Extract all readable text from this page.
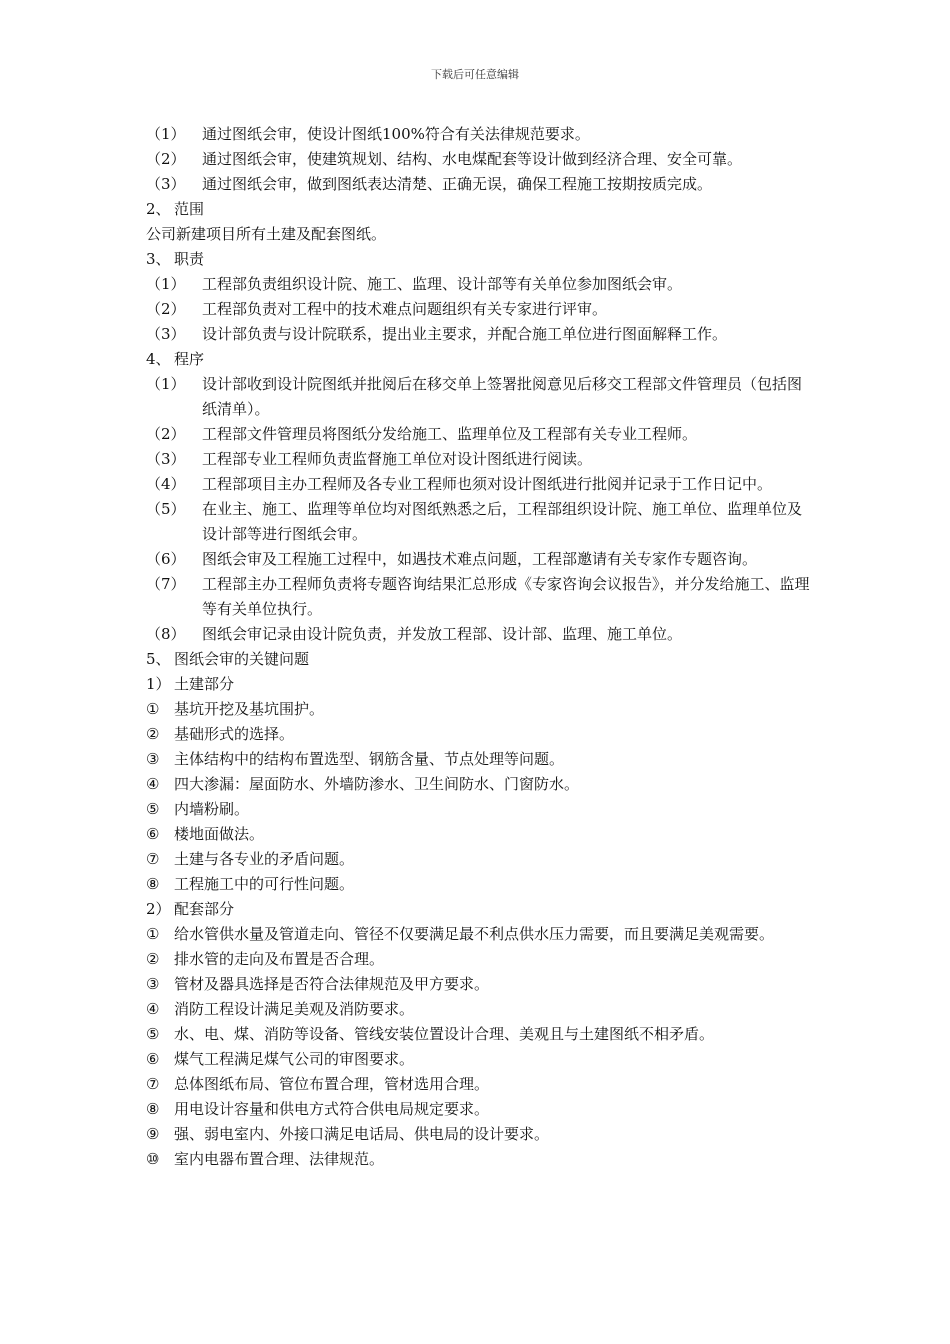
下载后可任意编辑
（1） 通过图纸会审，使设计图纸100%符合有关法律规范要求。
（2） 通过图纸会审，使建筑规划、结构、水电煤配套等设计做到经济合理、安全可靠。
（3） 通过图纸会审，做到图纸表达清楚、正确无误，确保工程施工按期按质完成。
2、 范围
公司新建项目所有土建及配套图纸。
3、 职责
（1） 工程部负责组织设计院、施工、监理、设计部等有关单位参加图纸会审。
（2） 工程部负责对工程中的技术难点问题组织有关专家进行评审。
（3） 设计部负责与设计院联系，提出业主要求，并配合施工单位进行图面解释工作。
4、 程序
（1） 设计部收到设计院图纸并批阅后在移交单上签署批阅意见后移交工程部文件管理员（包括图纸清单）。
（2） 工程部文件管理员将图纸分发给施工、监理单位及工程部有关专业工程师。
（3） 工程部专业工程师负责监督施工单位对设计图纸进行阅读。
（4） 工程部项目主办工程师及各专业工程师也须对设计图纸进行批阅并记录于工作日记中。
（5） 在业主、施工、监理等单位均对图纸熟悉之后，工程部组织设计院、施工单位、监理单位及设计部等进行图纸会审。
（6） 图纸会审及工程施工过程中，如遇技术难点问题，工程部邀请有关专家作专题咨询。
（7） 工程部主办工程师负责将专题咨询结果汇总形成《专家咨询会议报告》，并分发给施工、监理等有关单位执行。
（8） 图纸会审记录由设计院负责，并发放工程部、设计部、监理、施工单位。
5、 图纸会审的关键问题
1） 土建部分
① 基坑开挖及基坑围护。
② 基础形式的选择。
③ 主体结构中的结构布置选型、钢筋含量、节点处理等问题。
④ 四大渗漏：屋面防水、外墙防渗水、卫生间防水、门窗防水。
⑤ 内墙粉刷。
⑥ 楼地面做法。
⑦ 土建与各专业的矛盾问题。
⑧ 工程施工中的可行性问题。
2） 配套部分
① 给水管供水量及管道走向、管径不仅要满足最不利点供水压力需要，而且要满足美观需要。
② 排水管的走向及布置是否合理。
③ 管材及器具选择是否符合法律规范及甲方要求。
④ 消防工程设计满足美观及消防要求。
⑤ 水、电、煤、消防等设备、管线安装位置设计合理、美观且与土建图纸不相矛盾。
⑥ 煤气工程满足煤气公司的审图要求。
⑦ 总体图纸布局、管位布置合理，管材选用合理。
⑧ 用电设计容量和供电方式符合供电局规定要求。
⑨ 强、弱电室内、外接口满足电话局、供电局的设计要求。
⑩ 室内电器布置合理、法律规范。
